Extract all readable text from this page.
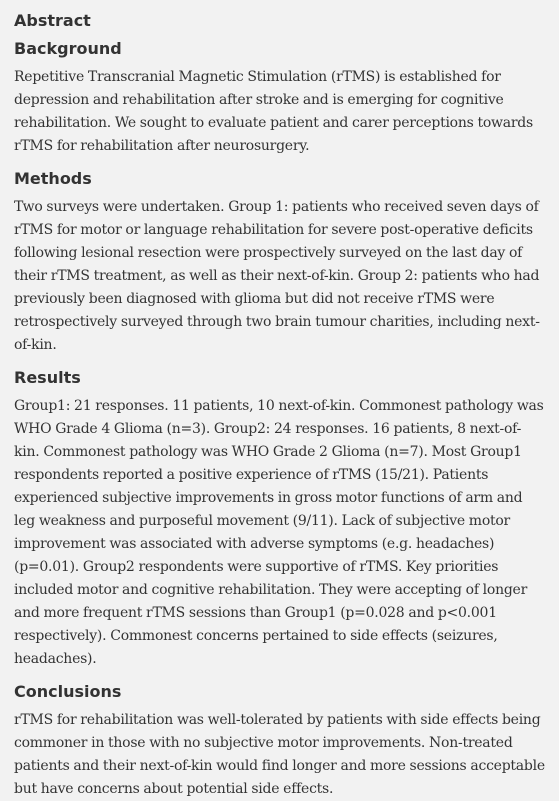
Abstract
Background
Repetitive Transcranial Magnetic Stimulation (rTMS) is established for depression and rehabilitation after stroke and is emerging for cognitive rehabilitation. We sought to evaluate patient and carer perceptions towards rTMS for rehabilitation after neurosurgery.
Methods
Two surveys were undertaken. Group 1: patients who received seven days of rTMS for motor or language rehabilitation for severe post-operative deficits following lesional resection were prospectively surveyed on the last day of their rTMS treatment, as well as their next-of-kin. Group 2: patients who had previously been diagnosed with glioma but did not receive rTMS were retrospectively surveyed through two brain tumour charities, including next-of-kin.
Results
Group1: 21 responses. 11 patients, 10 next-of-kin. Commonest pathology was WHO Grade 4 Glioma (n=3). Group2: 24 responses. 16 patients, 8 next-of-kin. Commonest pathology was WHO Grade 2 Glioma (n=7). Most Group1 respondents reported a positive experience of rTMS (15/21). Patients experienced subjective improvements in gross motor functions of arm and leg weakness and purposeful movement (9/11). Lack of subjective motor improvement was associated with adverse symptoms (e.g. headaches) (p=0.01). Group2 respondents were supportive of rTMS. Key priorities included motor and cognitive rehabilitation. They were accepting of longer and more frequent rTMS sessions than Group1 (p=0.028 and p<0.001 respectively). Commonest concerns pertained to side effects (seizures, headaches).
Conclusions
rTMS for rehabilitation was well-tolerated by patients with side effects being commoner in those with no subjective motor improvements. Non-treated patients and their next-of-kin would find longer and more sessions acceptable but have concerns about potential side effects.
